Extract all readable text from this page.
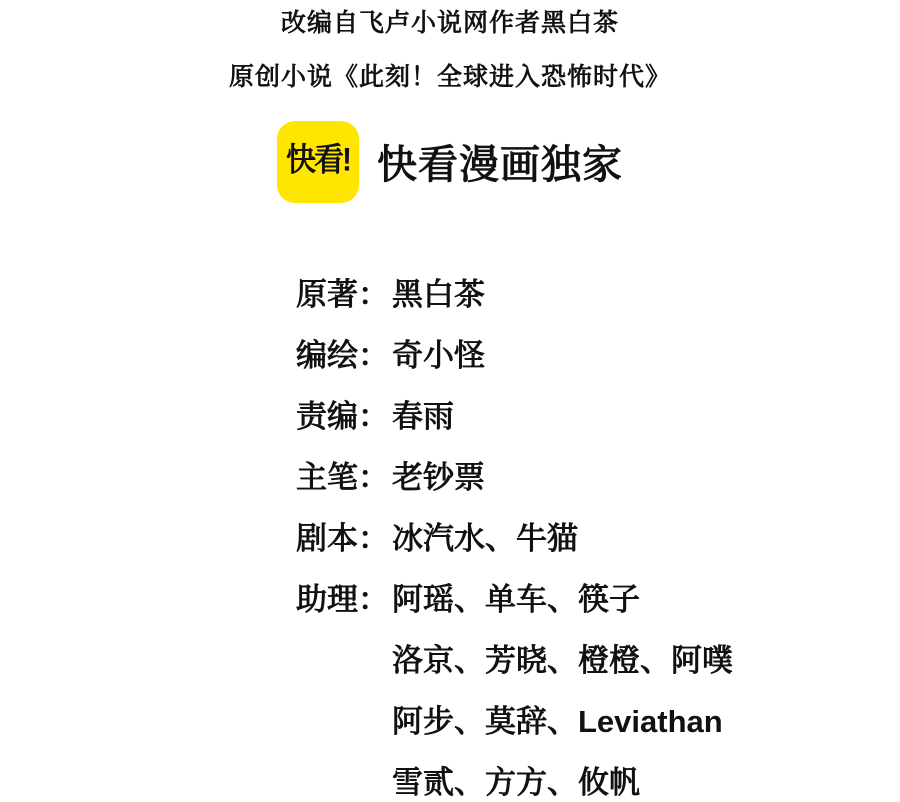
改编自飞卢小说网作者黑白茶

原创小说《此刻！全球进入恐怖时代》

快看! 快看漫画独家
原著： 黑白茶
编绘： 奇小怪
责编： 春雨
主笔： 老钞票
剧本： 冰汽水、牛猫
助理： 阿瑶、单车、筷子
洛京、芳晓、橙橙、阿噗
阿步、莫辞、Leviathan
雪贰、方方、攸帆
